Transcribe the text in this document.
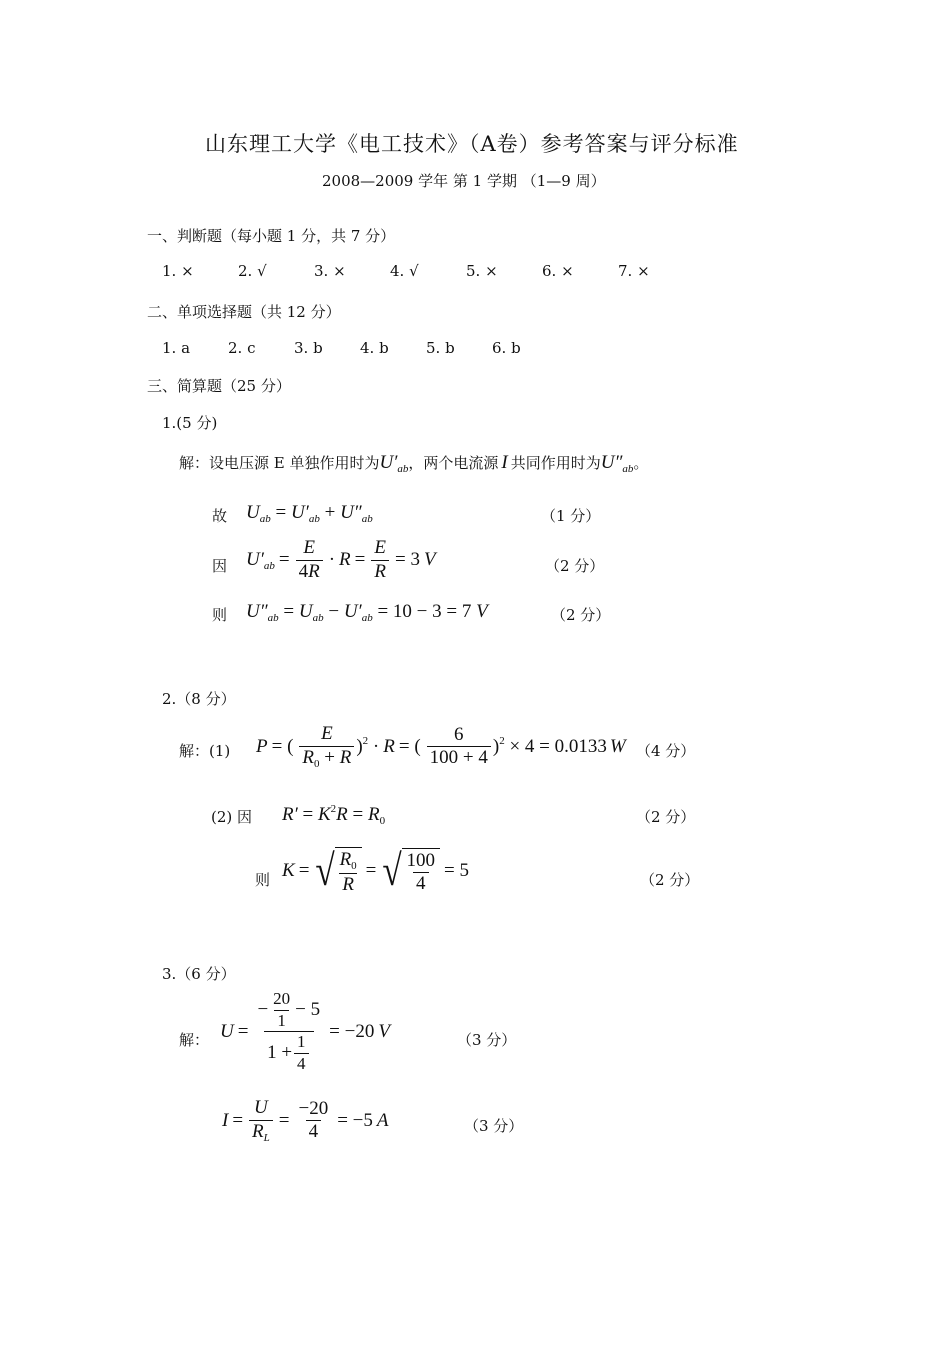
山东理工大学《电工技术》（A卷）参考答案与评分标准
2008—2009 学年 第 1 学期 （1—9 周）
一、判断题（每小题 1 分，共 7 分）
1. ×	2. √	3. ×	4. √	5. ×	6. ×	7. ×
二、单项选择题（共 12 分）
1. a	2. c	3. b	4. b	5. b	6. b
三、简算题（25 分）
1.(5 分)
解：设电压源 E 单独作用时为 $U'_{ab}$ ，两个电流源 I 共同作用时为 $U''_{ab}$ 。
故 $U_{ab} = U'_{ab} + U''_{ab}$	（1 分）
因 $U'_{ab} = \frac{E}{4R} \cdot R = \frac{E}{R} = 3$ V	（2 分）
则 $U''_{ab} = U_{ab} - U'_{ab} = 10 - 3 = 7$ V	（2 分）
2.（8 分）
解：(1) P = ( $\frac{E}{R_0 + R} )^2 \cdot R$ = ( $\frac{6}{100 + 4} )^2 \times 4 = 0.0133$ W （4 分）
(2) 因 $R' = K^2R = R_0$	（2 分）
则 K = √ $\frac{R_0}{R}$ = √ $\frac{100}{4} = 5$	（2 分）
3.（6 分）
解： $U = \frac{- \frac{20}{1} - 5}{1 + \frac{1}{4}} = -20$ V	（3 分）
$I = \frac{U}{R_L} = \frac{-20}{4} = -5$ A	（3 分）
